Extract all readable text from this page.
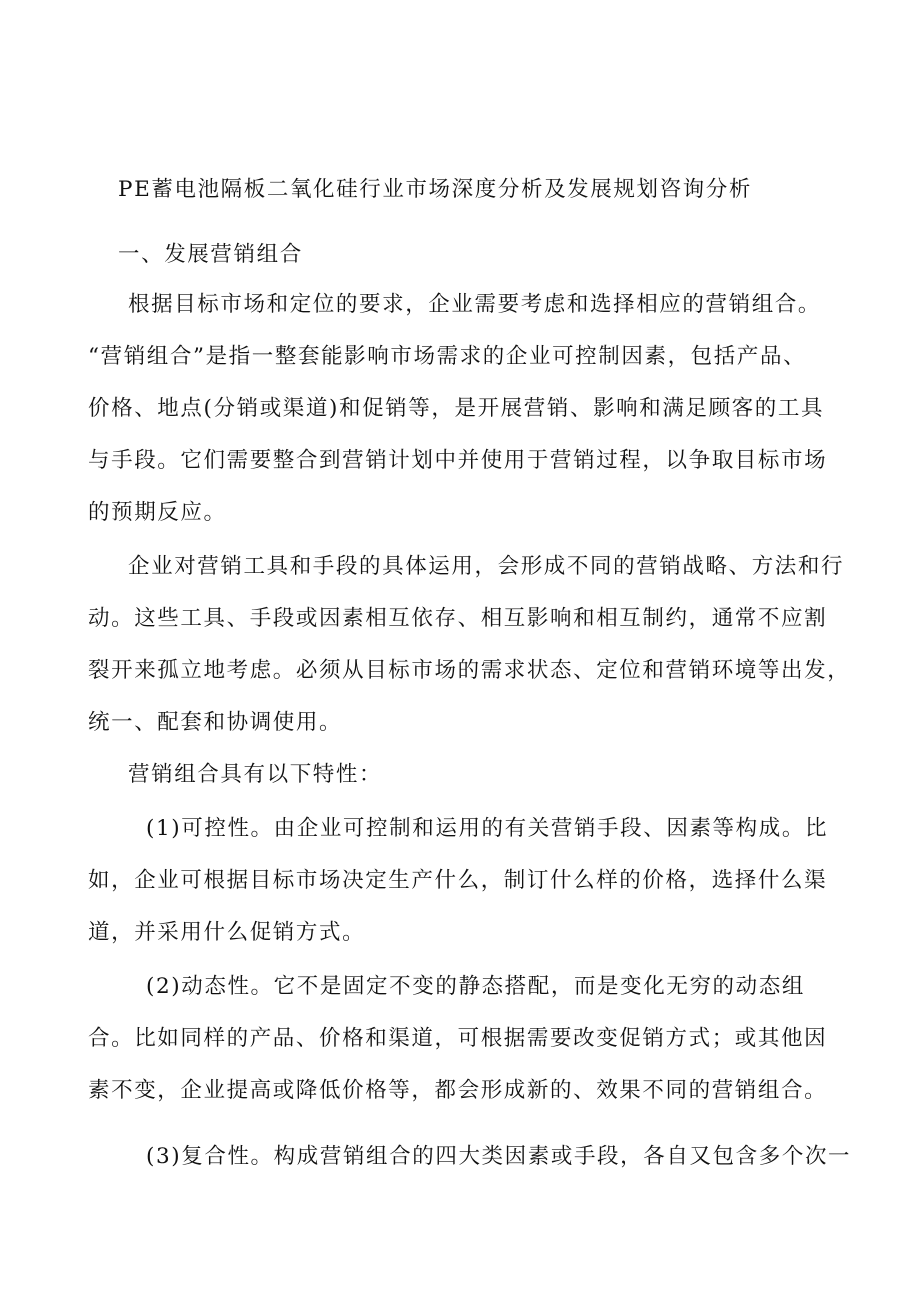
PE蓄电池隔板二氧化硅行业市场深度分析及发展规划咨询分析
一、发展营销组合
根据目标市场和定位的要求，企业需要考虑和选择相应的营销组合。
“营销组合”是指一整套能影响市场需求的企业可控制因素，包括产品、
价格、地点(分销或渠道)和促销等，是开展营销、影响和满足顾客的工具
与手段。它们需要整合到营销计划中并使用于营销过程，以争取目标市场
的预期反应。
企业对营销工具和手段的具体运用，会形成不同的营销战略、方法和行
动。这些工具、手段或因素相互依存、相互影响和相互制约，通常不应割
裂开来孤立地考虑。必须从目标市场的需求状态、定位和营销环境等出发，
统一、配套和协调使用。
营销组合具有以下特性：
(1)可控性。由企业可控制和运用的有关营销手段、因素等构成。比
如，企业可根据目标市场决定生产什么，制订什么样的价格，选择什么渠
道，并采用什么促销方式。
(2)动态性。它不是固定不变的静态搭配，而是变化无穷的动态组
合。比如同样的产品、价格和渠道，可根据需要改变促销方式；或其他因
素不变，企业提高或降低价格等，都会形成新的、效果不同的营销组合。
(3)复合性。构成营销组合的四大类因素或手段，各自又包含多个次一
